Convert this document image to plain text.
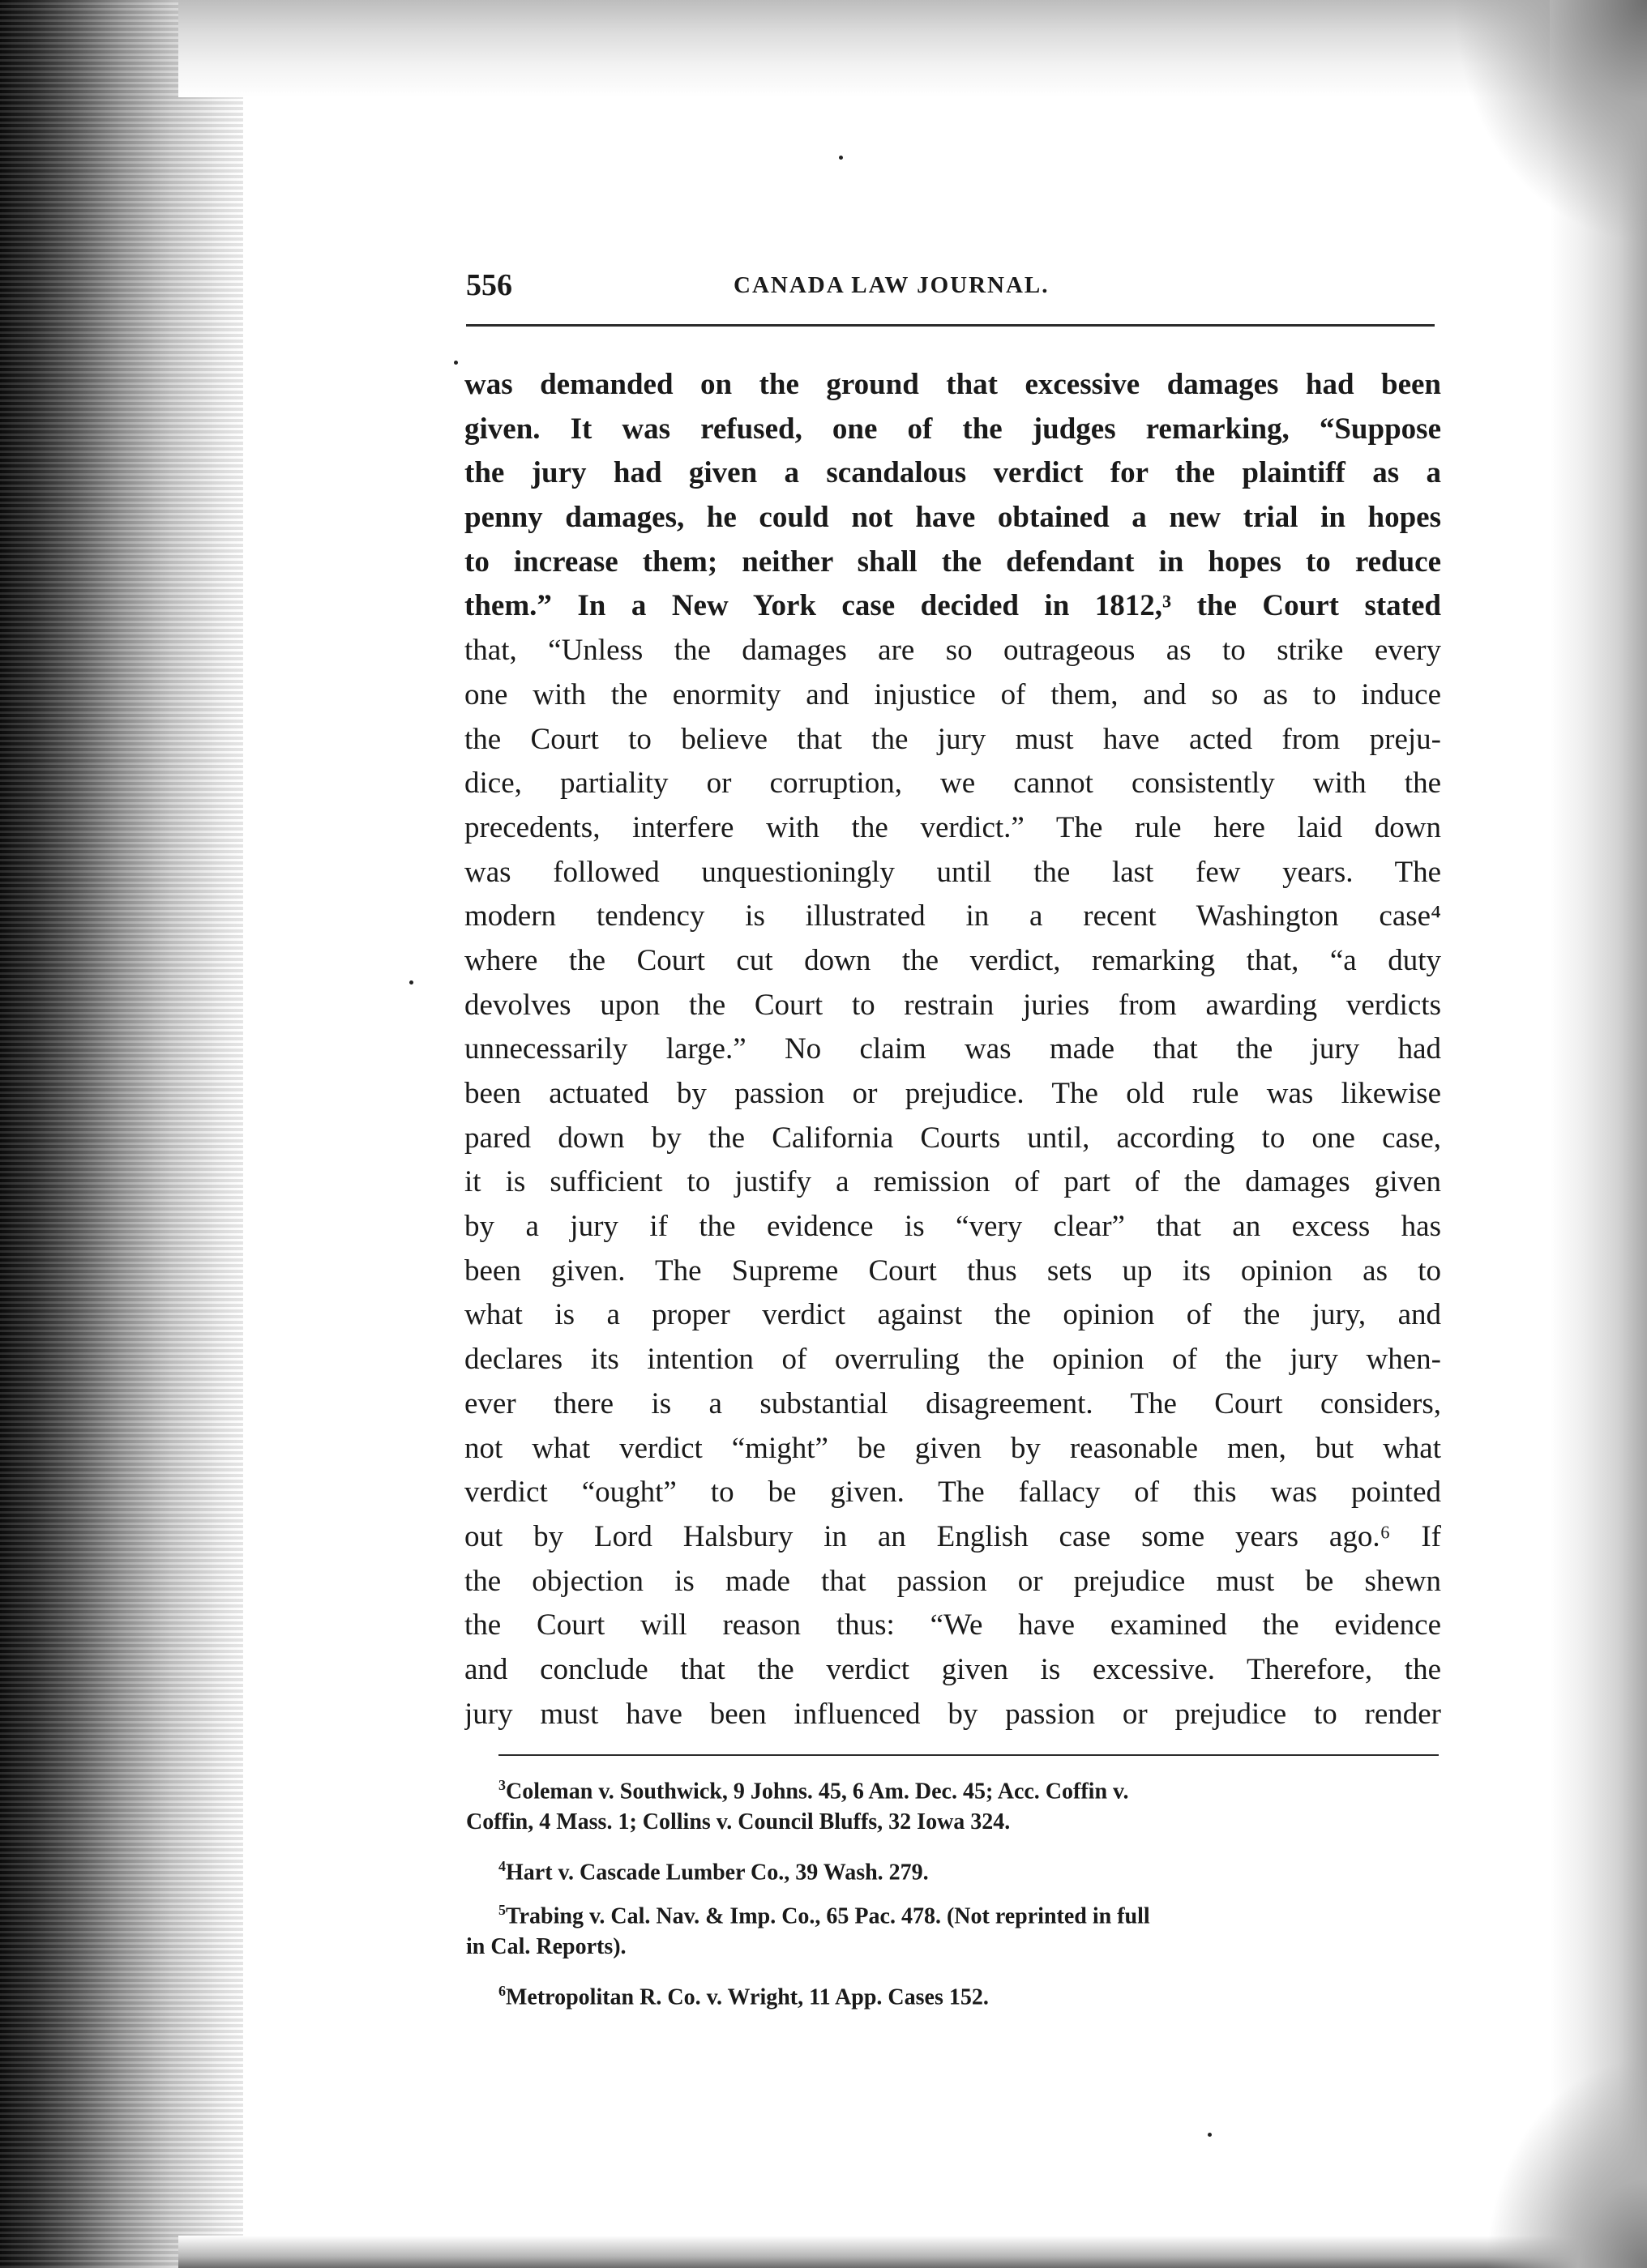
556	CANADA LAW JOURNAL.
was demanded on the ground that excessive damages had been
given. It was refused, one of the judges remarking, “Suppose
the jury had given a scandalous verdict for the plaintiff as a
penny damages, he could not have obtained a new trial in hopes
to increase them; neither shall the defendant in hopes to reduce
them.” In a New York case decided in 1812,³ the Court stated
that, “Unless the damages are so outrageous as to strike every
one with the enormity and injustice of them, and so as to induce
the Court to believe that the jury must have acted from preju-
dice, partiality or corruption, we cannot consistently with the
precedents, interfere with the verdict.” The rule here laid down
was followed unquestioningly until the last few years. The
modern tendency is illustrated in a recent Washington case⁴
where the Court cut down the verdict, remarking that, “a duty
devolves upon the Court to restrain juries from awarding verdicts
unnecessarily large.” No claim was made that the jury had
been actuated by passion or prejudice. The old rule was likewise
pared down by the California Courts until, according to one case,
it is sufficient to justify a remission of part of the damages given
by a jury if the evidence is “very clear” that an excess has
been given. The Supreme Court thus sets up its opinion as to
what is a proper verdict against the opinion of the jury, and
declares its intention of overruling the opinion of the jury when-
ever there is a substantial disagreement. The Court considers,
not what verdict “might” be given by reasonable men, but what
verdict “ought” to be given. The fallacy of this was pointed
out by Lord Halsbury in an English case some years ago.⁶ If
the objection is made that passion or prejudice must be shewn
the Court will reason thus: “We have examined the evidence
and conclude that the verdict given is excessive. Therefore, the
jury must have been influenced by passion or prejudice to render
$^3$Coleman v. Southwick, 9 Johns. 45, 6 Am. Dec. 45; Acc. Coffin v.
Coffin, 4 Mass. 1; Collins v. Council Bluffs, 32 Iowa 324.
$^4$Hart v. Cascade Lumber Co., 39 Wash. 279.
$^5$Trabing v. Cal. Nav. & Imp. Co., 65 Pac. 478. (Not reprinted in full
in Cal. Reports).
$^6$Metropolitan R. Co. v. Wright, 11 App. Cases 152.
